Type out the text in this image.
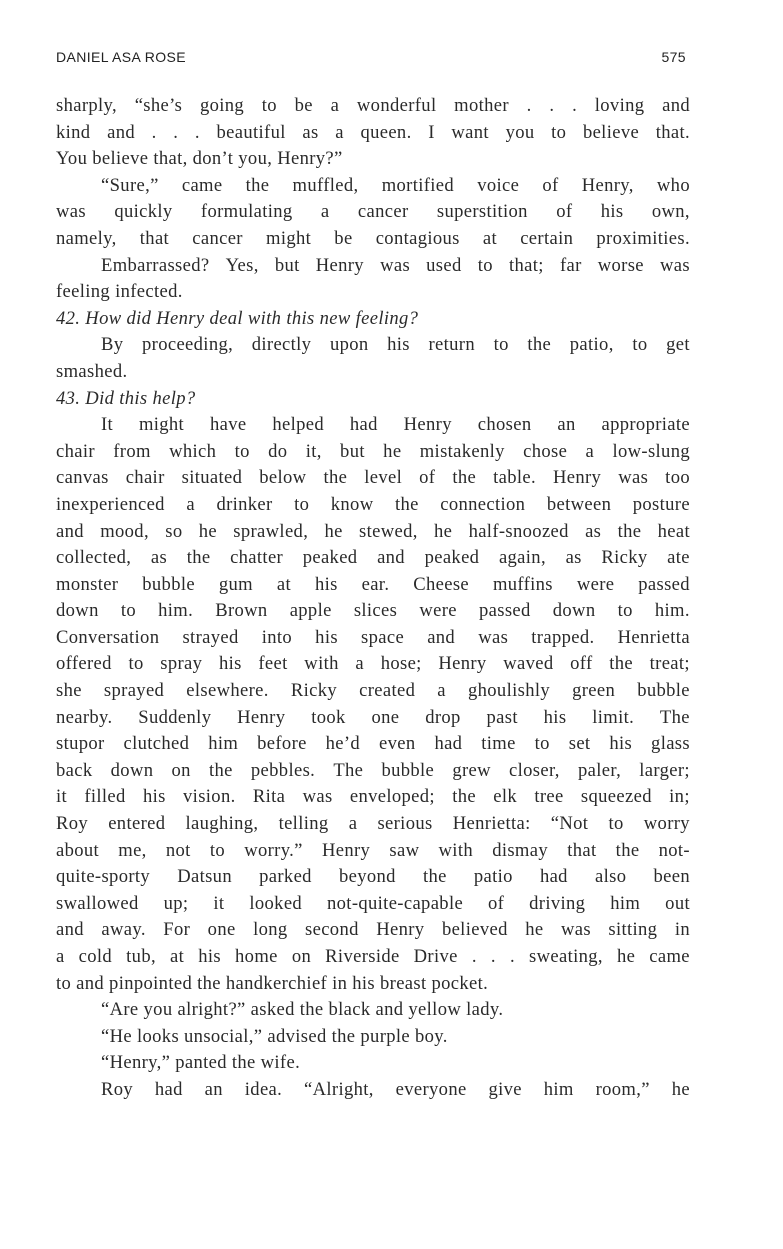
DANIEL ASA ROSE	575
sharply, “she’s going to be a wonderful mother . . . loving and
kind and . . . beautiful as a queen. I want you to believe that.
You believe that, don’t you, Henry?”
“Sure,” came the muffled, mortified voice of Henry, who
was quickly formulating a cancer superstition of his own,
namely, that cancer might be contagious at certain proximities.
Embarrassed? Yes, but Henry was used to that; far worse was
feeling infected.
42. How did Henry deal with this new feeling?
By proceeding, directly upon his return to the patio, to get
smashed.
43. Did this help?
It might have helped had Henry chosen an appropriate
chair from which to do it, but he mistakenly chose a low-slung
canvas chair situated below the level of the table. Henry was too
inexperienced a drinker to know the connection between posture
and mood, so he sprawled, he stewed, he half-snoozed as the heat
collected, as the chatter peaked and peaked again, as Ricky ate
monster bubble gum at his ear. Cheese muffins were passed
down to him. Brown apple slices were passed down to him.
Conversation strayed into his space and was trapped. Henrietta
offered to spray his feet with a hose; Henry waved off the treat;
she sprayed elsewhere. Ricky created a ghoulishly green bubble
nearby. Suddenly Henry took one drop past his limit. The
stupor clutched him before he’d even had time to set his glass
back down on the pebbles. The bubble grew closer, paler, larger;
it filled his vision. Rita was enveloped; the elk tree squeezed in;
Roy entered laughing, telling a serious Henrietta: “Not to worry
about me, not to worry.” Henry saw with dismay that the not-
quite-sporty Datsun parked beyond the patio had also been
swallowed up; it looked not-quite-capable of driving him out
and away. For one long second Henry believed he was sitting in
a cold tub, at his home on Riverside Drive . . . sweating, he came
to and pinpointed the handkerchief in his breast pocket.
“Are you alright?” asked the black and yellow lady.
“He looks unsocial,” advised the purple boy.
“Henry,” panted the wife.
Roy had an idea. “Alright, everyone give him room,” he
